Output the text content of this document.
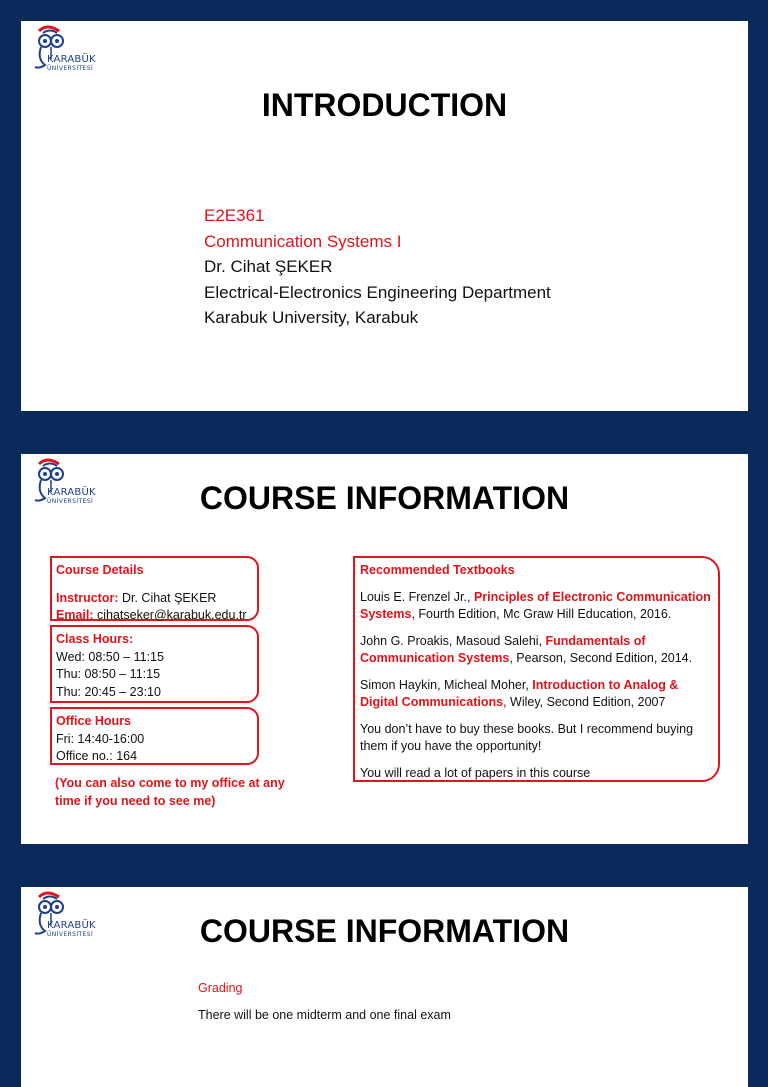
KARABÜK
ÜNİVERSİTESİ
INTRODUCTION
E2E361
Communication Systems I
Dr. Cihat ŞEKER
Electrical-Electronics Engineering Department
Karabuk University, Karabuk
KARABÜK
ÜNİVERSİTESİ	COURSE INFORMATION
Course Details
Instructor: Dr. Cihat ŞEKER
Email: cihatseker@karabuk.edu.tr
Class Hours:
Wed: 08:50 – 11:15
Thu: 08:50 – 11:15
Thu: 20:45 – 23:10
Office Hours
Fri: 14:40-16:00
Office no.: 164
(You can also come to my office at any time if you need to see me)
Recommended Textbooks
Louis E. Frenzel Jr., Principles of Electronic Communication Systems, Fourth Edition, Mc Graw Hill Education, 2016.
John G. Proakis, Masoud Salehi, Fundamentals of Communication Systems, Pearson, Second Edition, 2014.
Simon Haykin, Micheal Moher, Introduction to Analog & Digital Communications, Wiley, Second Edition, 2007
You don’t have to buy these books. But I recommend buying them if you have the opportunity!
You will read a lot of papers in this course
KARABÜK
ÜNİVERSİTESİ	COURSE INFORMATION
Grading
There will be one midterm and one final exam
